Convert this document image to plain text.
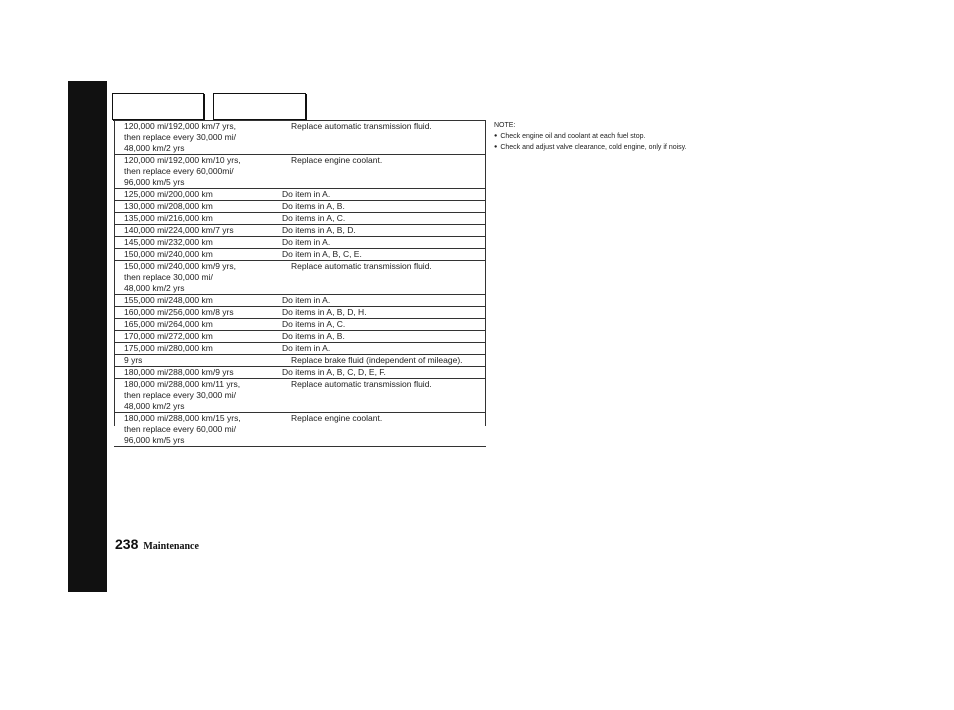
120,000 mi/192,000 km/7 yrs,
then replace every 30,000 mi/
48,000 km/2 yrs	Replace automatic transmission fluid.
120,000 mi/192,000 km/10 yrs,
then replace every 60,000mi/
96,000 km/5 yrs	Replace engine coolant.
125,000 mi/200,000 km	Do item in A.
130,000 mi/208,000 km	Do items in A, B.
135,000 mi/216,000 km	Do items in A, C.
140,000 mi/224,000 km/7 yrs	Do items in A, B, D.
145,000 mi/232,000 km	Do item in A.
150,000 mi/240,000 km	Do item in A, B, C, E.
150,000 mi/240,000 km/9 yrs,
then replace 30,000 mi/
48,000 km/2 yrs	Replace automatic transmission fluid.
155,000 mi/248,000 km	Do item in A.
160,000 mi/256,000 km/8 yrs	Do items in A, B, D, H.
165,000 mi/264,000 km	Do items in A, C.
170,000 mi/272,000 km	Do items in A, B.
175,000 mi/280,000 km	Do item in A.
9 yrs	Replace brake fluid (independent of mileage).
180,000 mi/288,000 km/9 yrs	Do items in A, B, C, D, E, F.
180,000 mi/288,000 km/11 yrs,
then replace every 30,000 mi/
48,000 km/2 yrs	Replace automatic transmission fluid.
180,000 mi/288,000 km/15 yrs,
then replace every 60,000 mi/
96,000 km/5 yrs	Replace engine coolant.
NOTE:
● Check engine oil and coolant at each fuel stop.
● Check and adjust valve clearance, cold engine, only if noisy.
238 Maintenance
